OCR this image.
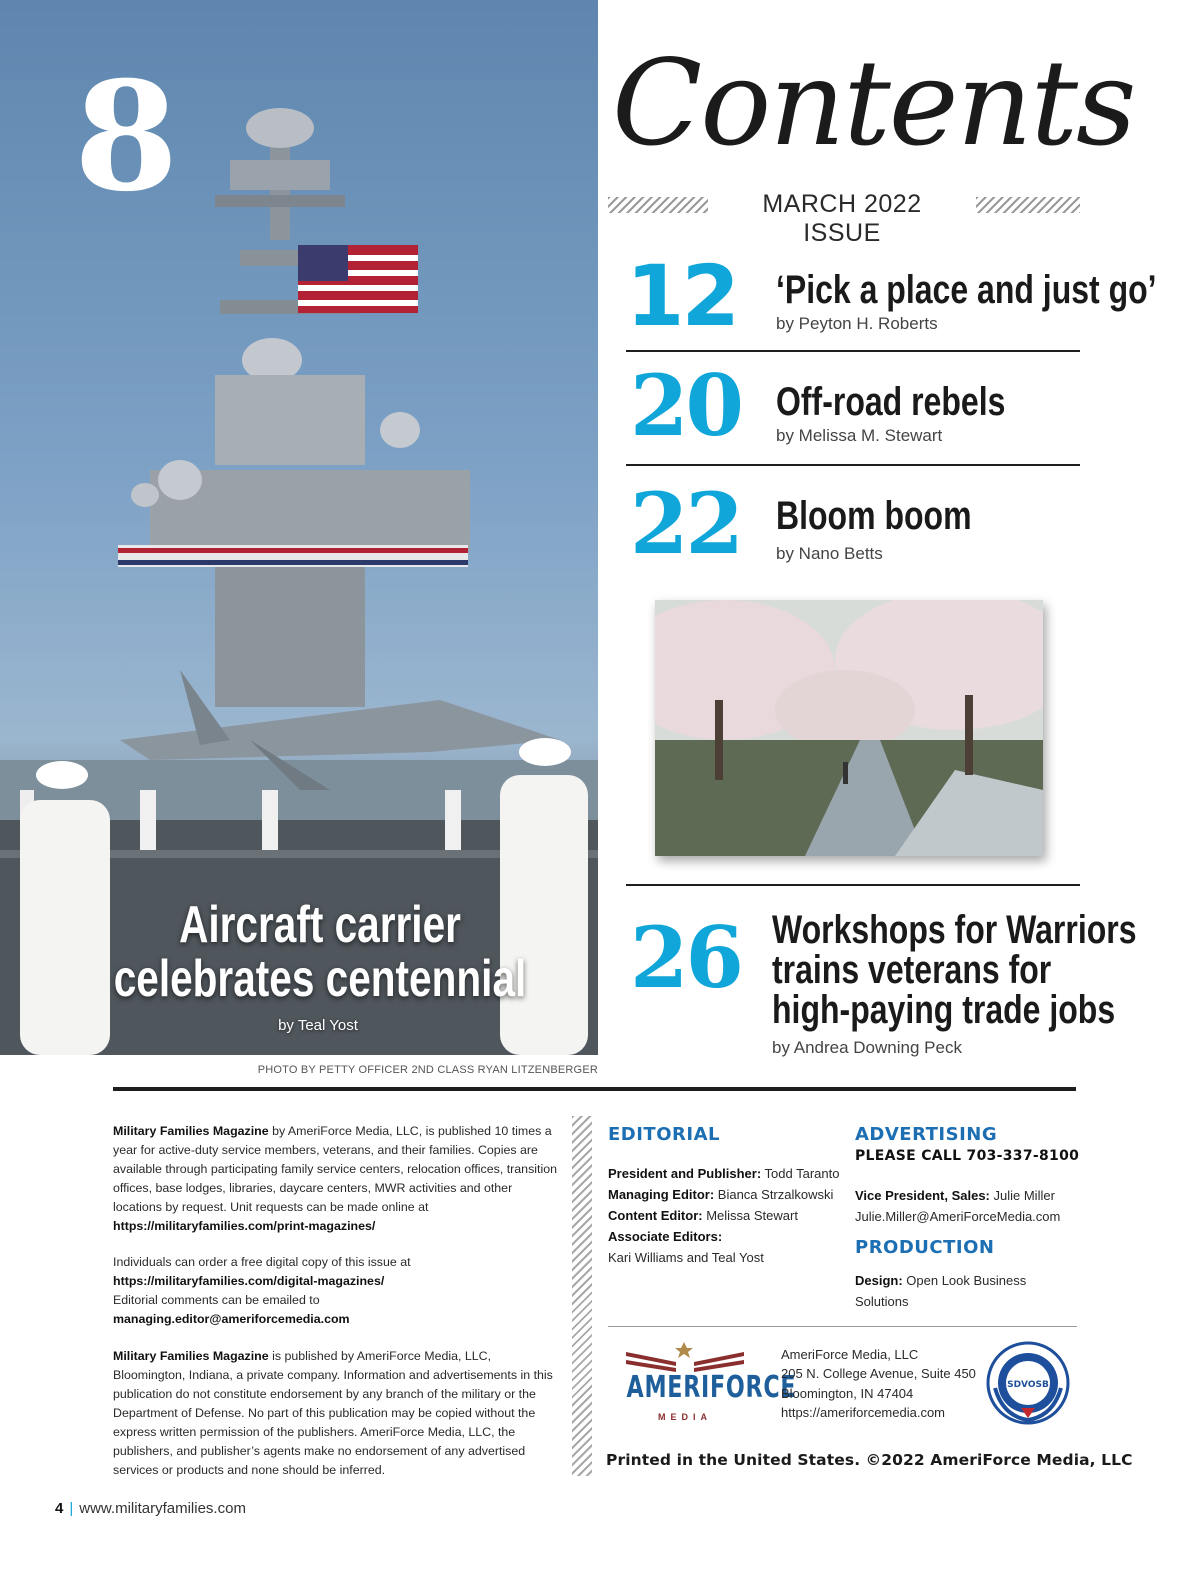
8
Aircraft carrier
celebrates centennial
by Teal Yost
PHOTO BY PETTY OFFICER 2ND CLASS RYAN LITZENBERGER
Contents
MARCH 2022 ISSUE
12 ‘Pick a place and just go’
by Peyton H. Roberts
20 Off-road rebels
by Melissa M. Stewart
22 Bloom boom
by Nano Betts
26 Workshops for Warriors
trains veterans for
high-paying trade jobs
by Andrea Downing Peck

Military Families Magazine by AmeriForce Media, LLC, is published 10 times a year for active-duty service members, veterans, and their families. Copies are available through participating family service centers, relocation offices, transition offices, base lodges, libraries, daycare centers, MWR activities and other locations by request. Unit requests can be made online at https://militaryfamilies.com/print-magazines/

Individuals can order a free digital copy of this issue at
https://militaryfamilies.com/digital-magazines/
Editorial comments can be emailed to
managing.editor@ameriforcemedia.com

Military Families Magazine is published by AmeriForce Media, LLC, Bloomington, Indiana, a private company. Information and advertisements in this publication do not constitute endorsement by any branch of the military or the Department of Defense. No part of this publication may be copied without the express written permission of the publishers. AmeriForce Media, LLC, the publishers, and publisher’s agents make no endorsement of any advertised services or products and none should be inferred.

EDITORIAL
President and Publisher: Todd Taranto
Managing Editor: Bianca Strzalkowski
Content Editor: Melissa Stewart
Associate Editors:
Kari Williams and Teal Yost
ADVERTISING
PLEASE CALL 703-337-8100
Vice President, Sales: Julie Miller
Julie.Miller@AmeriForceMedia.com
PRODUCTION
Design: Open Look Business
Solutions
AMERIFORCE
MEDIA
AmeriForce Media, LLC
205 N. College Avenue, Suite 450
Bloomington, IN 47404
https://ameriforcemedia.com
SDVOSB
Printed in the United States. ©2022 AmeriForce Media, LLC
4 | www.militaryfamilies.com
